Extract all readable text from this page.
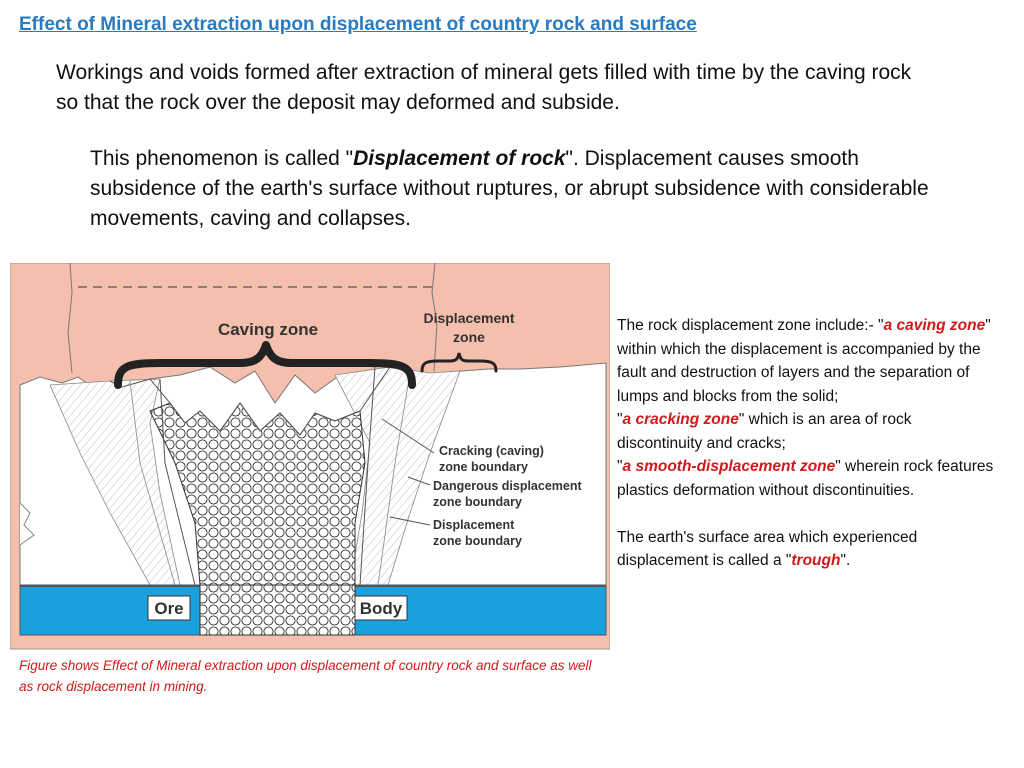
Effect of Mineral extraction upon displacement of country rock and surface
Workings and voids formed after extraction of mineral gets filled with time by the caving rock so that the rock over the deposit may deformed and subside.
This phenomenon is called "Displacement of rock". Displacement causes smooth subsidence of the earth's surface without ruptures, or abrupt subsidence with considerable movements, caving and collapses.
Caving zone
Displacement
zone
Cracking (caving)
zone boundary
Dangerous displacement
zone boundary
Displacement
zone boundary
Ore	Body
Figure shows Effect of Mineral extraction upon displacement of country rock and surface as well as rock displacement in mining.

The rock displacement zone include:- "a caving zone" within which the displacement is accompanied by the fault and destruction of layers and the separation of lumps and blocks from the solid;

"a cracking zone" which is an area of rock discontinuity and cracks;

"a smooth-displacement zone" wherein rock features plastics deformation without discontinuities.

The earth's surface area which experienced displacement is called a "trough".
